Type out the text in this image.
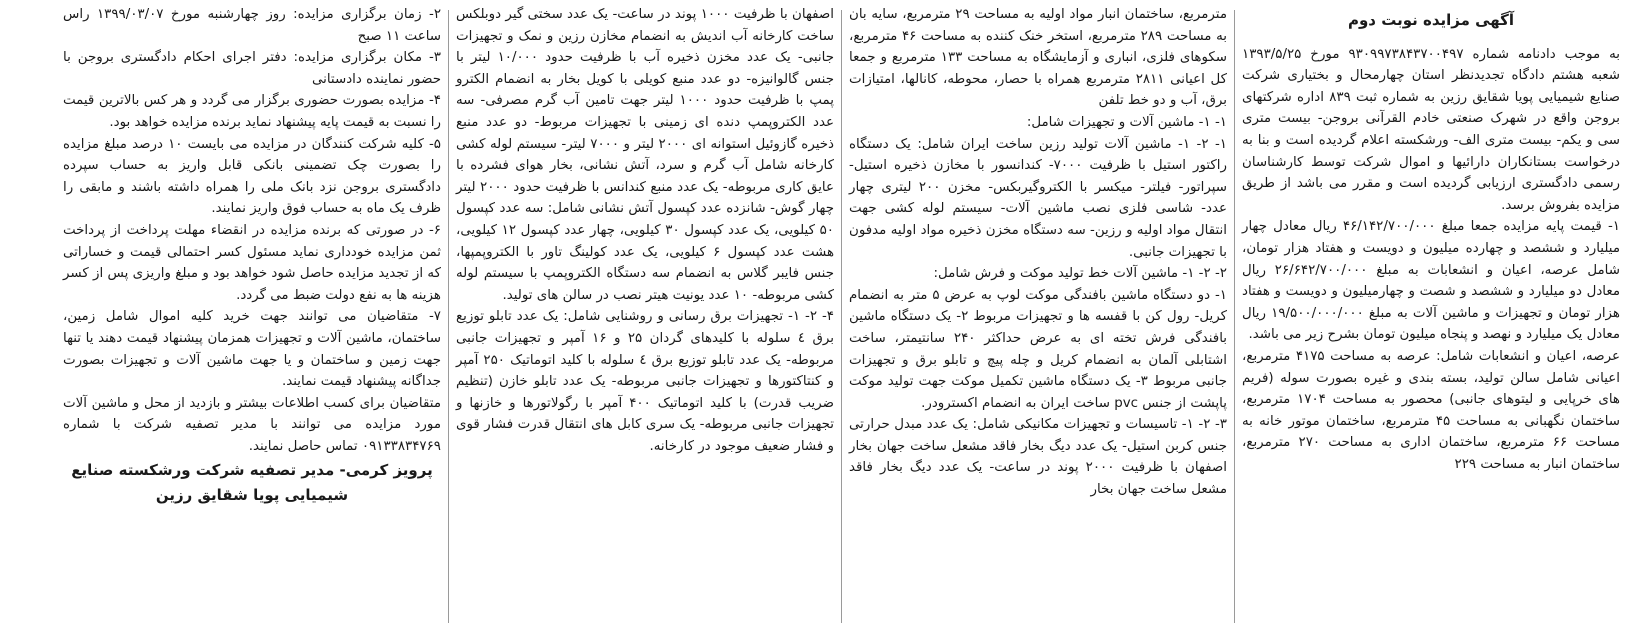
آگهی مزایده نوبت دوم

به موجب دادنامه شماره ۹۳۰۹۹۷۳۸۴۳۷۰۰۴۹۷ مورخ ۱۳۹۳/۵/۲۵ شعبه هشتم دادگاه تجدیدنظر استان چهارمحال و بختیاری شرکت صنایع شیمیایی پویا شقایق رزین به شماره ثبت ۸۳۹ اداره شرکتهای بروجن واقع در شهرک صنعتی خادم القرآنی بروجن- بیست متری سی و یکم- بیست متری الف- ورشکسته اعلام گردیده است و بنا به درخواست بستانکاران دارائیها و اموال شرکت توسط کارشناسان رسمی دادگستری ارزیابی گردیده است و مقرر می باشد از طریق مزایده بفروش برسد.

۱- قیمت پایه مزایده جمعا مبلغ ۴۶/۱۴۲/۷۰۰/۰۰۰ ریال معادل چهار میلیارد و ششصد و چهارده میلیون و دویست و هفتاد هزار تومان، شامل عرصه، اعیان و انشعابات به مبلغ ۲۶/۶۴۲/۷۰۰/۰۰۰ ریال معادل دو میلیارد و ششصد و شصت و چهارمیلیون و دویست و هفتاد هزار تومان و تجهیزات و ماشین آلات به مبلغ ۱۹/۵۰۰/۰۰۰/۰۰۰ ریال معادل یک میلیارد و نهصد و پنجاه میلیون تومان بشرح زیر می باشد.

عرصه، اعیان و انشعابات شامل: عرصه به مساحت ۴۱۷۵ مترمربع، اعیانی شامل سالن تولید، بسته بندی و غیره بصورت سوله (فریم های خرپایی و لیتوهای جانبی) محصور به مساحت ۱۷۰۴ مترمربع، ساختمان نگهبانی به مساحت ۴۵ مترمربع، ساختمان موتور خانه به مساحت ۶۶ مترمربع، ساختمان اداری به مساحت ۲۷۰ مترمربع، ساختمان انبار به مساحت ۲۲۹

مترمربع، ساختمان انبار مواد اولیه به مساحت ۲۹ مترمربع، سایه بان به مساحت ۲۸۹ مترمربع، استخر خنک کننده به مساحت ۴۶ مترمربع، سکوهای فلزی، انباری و آزمایشگاه به مساحت ۱۳۳ مترمربع و جمعا کل اعیانی ۲۸۱۱ مترمربع همراه با حصار، محوطه، کانالها، امتیازات برق، آب و دو خط تلفن

۱- ۱- ماشین آلات و تجهیزات شامل:

۱- ۲- ۱- ماشین آلات تولید رزین ساخت ایران شامل: یک دستگاه راکتور استیل با ظرفیت ۷۰۰۰- کندانسور با مخازن ذخیره استیل- سپراتور- فیلتر- میکسر با الکتروگیربکس- مخزن ۲۰۰ لیتری چهار عدد- شاسی فلزی نصب ماشین آلات- سیستم لوله کشی جهت انتقال مواد اولیه و رزین- سه دستگاه مخزن ذخیره مواد اولیه مدفون با تجهیزات جانبی.

۲- ۲- ۱- ماشین آلات خط تولید موکت و فرش شامل:

۱- دو دستگاه ماشین بافندگی موکت لوپ به عرض ۵ متر به انضمام کریل- رول کن با قفسه ها و تجهیزات مربوط ۲- یک دستگاه ماشین بافندگی فرش تخته ای به عرض حداکثر ۲۴۰ سانتیمتر، ساخت اشتابلی آلمان به انضمام کریل و چله پیچ و تابلو برق و تجهیزات جانبی مربوط ۳- یک دستگاه ماشین تکمیل موکت جهت تولید موکت پاپشت از جنس pvc ساخت ایران به انضمام اکسترودر.

۳- ۲- ۱- تاسیسات و تجهیزات مکانیکی شامل: یک عدد مبدل حرارتی جنس کربن استیل- یک عدد دیگ بخار فاقد مشعل ساخت جهان بخار اصفهان با ظرفیت ۲۰۰۰ پوند در ساعت- یک عدد دیگ بخار فاقد مشعل ساخت جهان بخار

اصفهان با ظرفیت ۱۰۰۰ پوند در ساعت- یک عدد سختی گیر دوبلکس ساخت کارخانه آب اندیش به انضمام مخازن رزین و نمک و تجهیزات جانبی- یک عدد مخزن ذخیره آب با ظرفیت حدود ۱۰/۰۰۰ لیتر با جنس گالوانیزه- دو عدد منبع کویلی با کویل بخار به انضمام الکترو پمپ با ظرفیت حدود ۱۰۰۰ لیتر جهت تامین آب گرم مصرفی- سه عدد الکتروپمپ دنده ای زمینی با تجهیزات مربوط- دو عدد منبع ذخیره گازوئیل استوانه ای ۲۰۰۰ لیتر و ۷۰۰۰ لیتر- سیستم لوله کشی کارخانه شامل آب گرم و سرد، آتش نشانی، بخار هوای فشرده با عایق کاری مربوطه- یک عدد منبع کندانس با ظرفیت حدود ۲۰۰۰ لیتر چهار گوش- شانزده عدد کپسول آتش نشانی شامل: سه عدد کپسول ۵۰ کیلویی، یک عدد کپسول ۳۰ کیلویی، چهار عدد کپسول ۱۲ کیلویی، هشت عدد کپسول ۶ کیلویی، یک عدد کولینگ تاور با الکتروپمپها، جنس فایبر گلاس به انضمام سه دستگاه الکتروپمپ با سیستم لوله کشی مربوطه- ۱۰ عدد یونیت هیتر نصب در سالن های تولید.

۴- ۲- ۱- تجهیزات برق رسانی و روشنایی شامل: یک عدد تابلو توزیع برق ٤ سلوله با کلیدهای گردان ۲۵ و ۱۶ آمپر و تجهیزات جانبی مربوطه- یک عدد تابلو توزیع برق ٤ سلوله با کلید اتوماتیک ۲۵۰ آمپر و کنتاکتورها و تجهیزات جانبی مربوطه- یک عدد تابلو خازن (تنظیم ضریب قدرت) با کلید اتوماتیک ۴۰۰ آمپر با رگولاتورها و خازنها و تجهیزات جانبی مربوطه- یک سری کابل های انتقال قدرت فشار قوی و فشار ضعیف موجود در کارخانه.

۲- زمان برگزاری مزایده: روز چهارشنبه مورخ ۱۳۹۹/۰۳/۰۷ راس ساعت ۱۱ صبح

۳- مکان برگزاری مزایده: دفتر اجرای احکام دادگستری بروجن با حضور نماینده دادستانی

۴- مزایده بصورت حضوری برگزار می گردد و هر کس بالاترین قیمت را نسبت به قیمت پایه پیشنهاد نماید برنده مزایده خواهد بود.

۵- کلیه شرکت کنندگان در مزایده می بایست ۱۰ درصد مبلغ مزایده را بصورت چک تضمینی بانکی قابل واریز به حساب سپرده دادگستری بروجن نزد بانک ملی را همراه داشته باشند و مابقی را ظرف یک ماه به حساب فوق واریز نمایند.

۶- در صورتی که برنده مزایده در انقضاء مهلت پرداخت از پرداخت ثمن مزایده خودداری نماید مسئول کسر احتمالی قیمت و خساراتی که از تجدید مزایده حاصل شود خواهد بود و مبلغ واریزی پس از کسر هزینه ها به نفع دولت ضبط می گردد.

۷- متقاضیان می توانند جهت خرید کلیه اموال شامل زمین، ساختمان، ماشین آلات و تجهیزات همزمان پیشنهاد قیمت دهند یا تنها جهت زمین و ساختمان و یا جهت ماشین آلات و تجهیزات بصورت جداگانه پیشنهاد قیمت نمایند.

متقاضیان برای کسب اطلاعات بیشتر و بازدید از محل و ماشین آلات مورد مزایده می توانند با مدیر تصفیه شرکت با شماره ۰۹۱۳۳۸۳۴۷۶۹ تماس حاصل نمایند.

پرویز کرمی- مدیر تصفیه شرکت ورشکسته صنایع
شیمیایی پویا شقایق رزین
